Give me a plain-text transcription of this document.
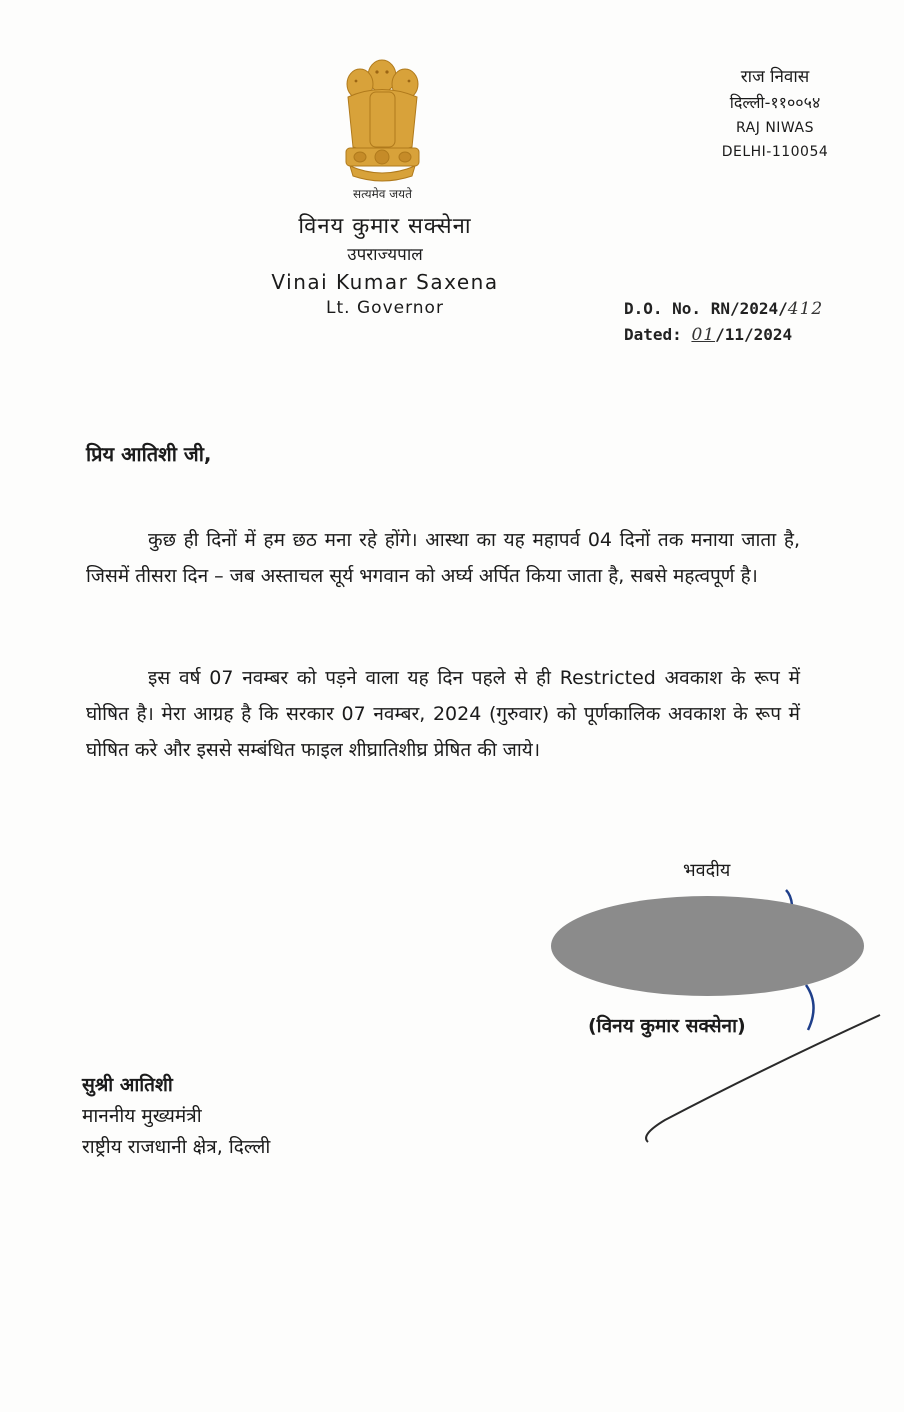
सत्यमेव जयते
विनय कुमार सक्सेना
उपराज्यपाल
Vinai Kumar Saxena
Lt. Governor
राज निवास
दिल्ली-११००५४
RAJ NIWAS
DELHI-110054
D.O. No. RN/2024/412
Dated: 01/11/2024
प्रिय आतिशी जी,
कुछ ही दिनों में हम छठ मना रहे होंगे। आस्था का यह महापर्व 04 दिनों तक मनाया जाता है, जिसमें तीसरा दिन – जब अस्ताचल सूर्य भगवान को अर्घ्य अर्पित किया जाता है, सबसे महत्वपूर्ण है।
इस वर्ष 07 नवम्बर को पड़ने वाला यह दिन पहले से ही Restricted अवकाश के रूप में घोषित है। मेरा आग्रह है कि सरकार 07 नवम्बर, 2024 (गुरुवार) को पूर्णकालिक अवकाश के रूप में घोषित करे और इससे सम्बंधित फाइल शीघ्रातिशीघ्र प्रेषित की जाये।
भवदीय
(विनय कुमार सक्सेना)
सुश्री आतिशी
माननीय मुख्यमंत्री
राष्ट्रीय राजधानी क्षेत्र, दिल्ली
